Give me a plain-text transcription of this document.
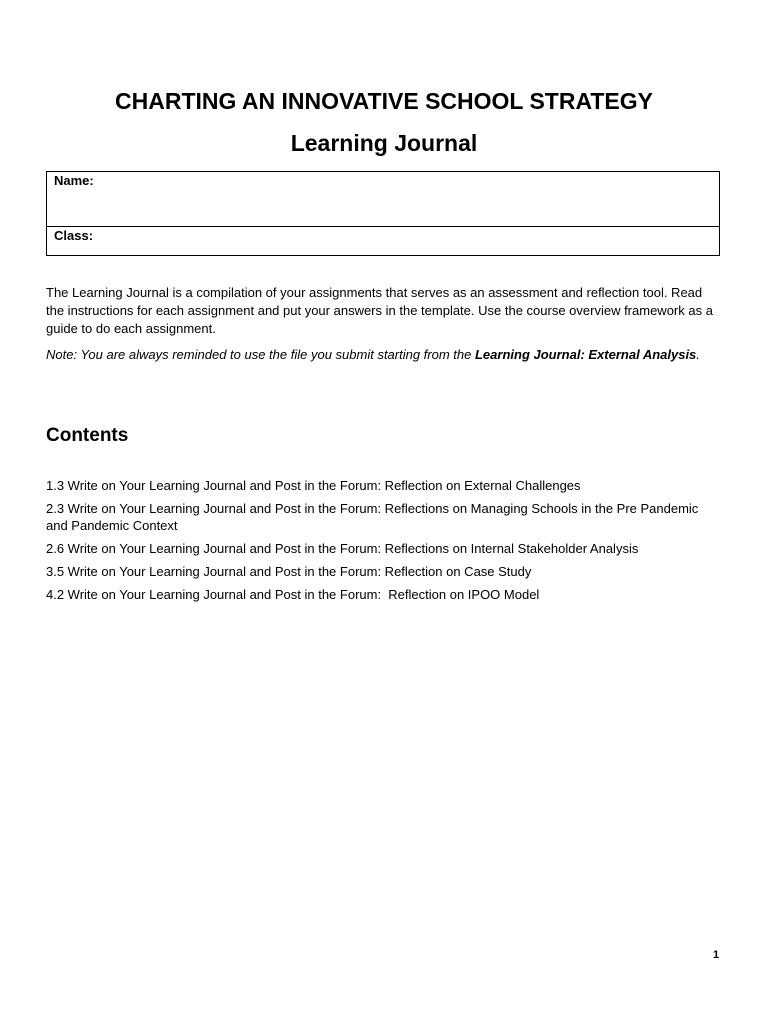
CHARTING AN INNOVATIVE SCHOOL STRATEGY
Learning Journal
Name:
Class:

The Learning Journal is a compilation of your assignments that serves as an assessment and reflection tool. Read the instructions for each assignment and put your answers in the template. Use the course overview framework as a guide to do each assignment.

Note: You are always reminded to use the file you submit starting from the Learning Journal: External Analysis.

Contents
1.3 Write on Your Learning Journal and Post in the Forum: Reflection on External Challenges
2.3 Write on Your Learning Journal and Post in the Forum: Reflections on Managing Schools in the Pre Pandemic and Pandemic Context
2.6 Write on Your Learning Journal and Post in the Forum: Reflections on Internal Stakeholder Analysis
3.5 Write on Your Learning Journal and Post in the Forum: Reflection on Case Study
4.2 Write on Your Learning Journal and Post in the Forum:  Reflection on IPOO Model
1
